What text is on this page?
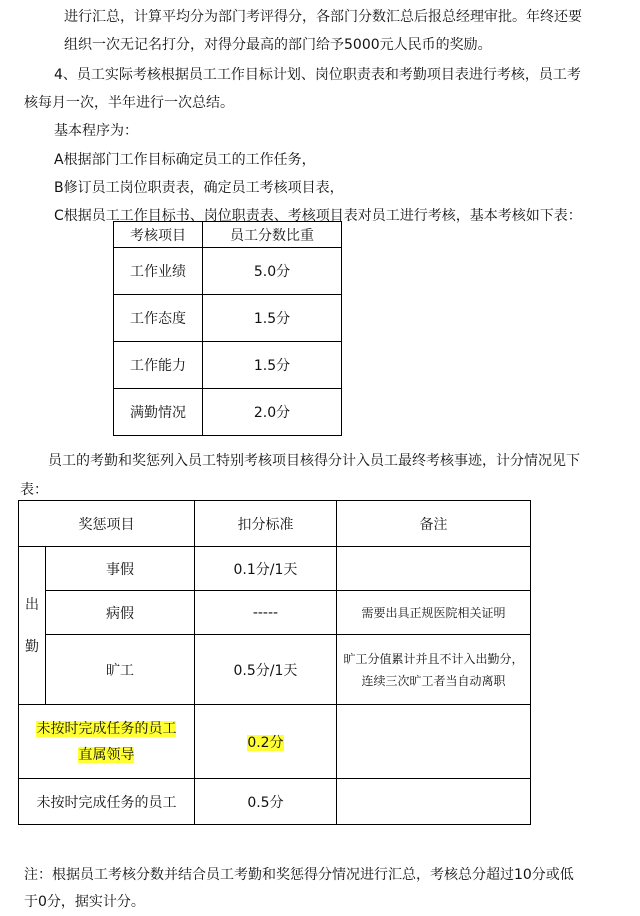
进行汇总，计算平均分为部门考评得分，各部门分数汇总后报总经理审批。年终还要
组织一次无记名打分，对得分最高的部门给予5000元人民币的奖励。
4、员工实际考核根据员工工作目标计划、岗位职责表和考勤项目表进行考核，员工考
核每月一次，半年进行一次总结。
基本程序为：
A根据部门工作目标确定员工的工作任务，
B修订员工岗位职责表，确定员工考核项目表，
C根据员工工作目标书、岗位职责表、考核项目表对员工进行考核，基本考核如下表：
考核项目	员工分数比重
工作业绩	5.0分
工作态度	1.5分
工作能力	1.5分
满勤情况	2.0分
员工的考勤和奖惩列入员工特别考核项目核得分计入员工最终考核事迹，计分情况见下
表：
奖惩项目		扣分标准	备注

出
勤	事假	0.1分/1天	
	病假	-----	需要出具正规医院相关证明
	旷工	0.5分/1天	旷工分值累计并且不计入出勤分，
连续三次旷工者当自动离职

未按时完成任务的员工
直属领导		0.2分	
未按时完成任务的员工		0.5分	
注：根据员工考核分数并结合员工考勤和奖惩得分情况进行汇总，考核总分超过10分或低
于0分，据实计分。
